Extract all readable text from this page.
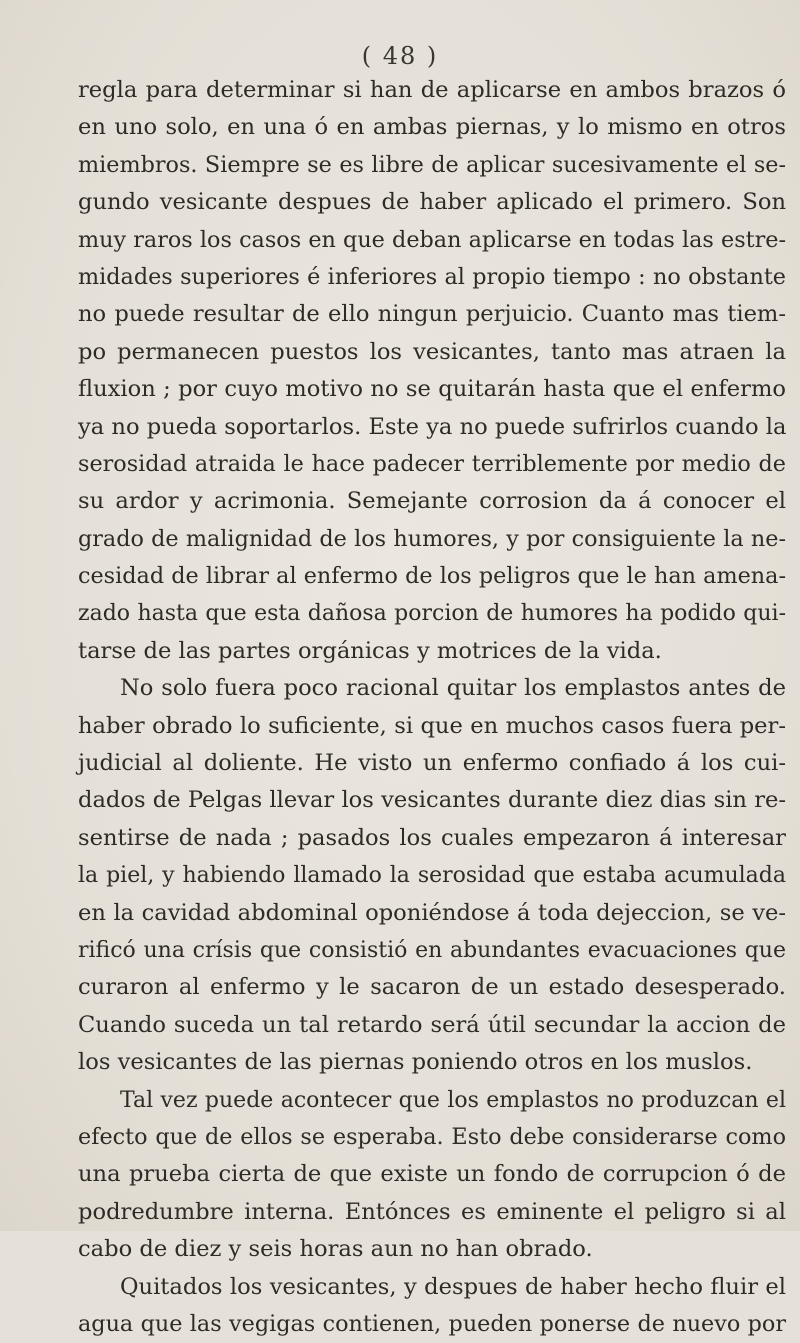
( 48 )
regla para determinar si han de aplicarse en ambos brazos ó
en uno solo, en una ó en ambas piernas, y lo mismo en otros
miembros. Siempre se es libre de aplicar sucesivamente el se-
gundo vesicante despues de haber aplicado el primero. Son
muy raros los casos en que deban aplicarse en todas las estre-
midades superiores é inferiores al propio tiempo : no obstante
no puede resultar de ello ningun perjuicio. Cuanto mas tiem-
po permanecen puestos los vesicantes, tanto mas atraen la
fluxion ; por cuyo motivo no se quitarán hasta que el enfermo
ya no pueda soportarlos. Este ya no puede sufrirlos cuando la
serosidad atraida le hace padecer terriblemente por medio de
su ardor y acrimonia. Semejante corrosion da á conocer el
grado de malignidad de los humores, y por consiguiente la ne-
cesidad de librar al enfermo de los peligros que le han amena-
zado hasta que esta dañosa porcion de humores ha podido qui-
tarse de las partes orgánicas y motrices de la vida.
No solo fuera poco racional quitar los emplastos antes de
haber obrado lo suficiente, si que en muchos casos fuera per-
judicial al doliente. He visto un enfermo confiado á los cui-
dados de Pelgas llevar los vesicantes durante diez dias sin re-
sentirse de nada ; pasados los cuales empezaron á interesar
la piel, y habiendo llamado la serosidad que estaba acumulada
en la cavidad abdominal oponiéndose á toda dejeccion, se ve-
rificó una crísis que consistió en abundantes evacuaciones que
curaron al enfermo y le sacaron de un estado desesperado.
Cuando suceda un tal retardo será útil secundar la accion de
los vesicantes de las piernas poniendo otros en los muslos.
Tal vez puede acontecer que los emplastos no produzcan el
efecto que de ellos se esperaba. Esto debe considerarse como
una prueba cierta de que existe un fondo de corrupcion ó de
podredumbre interna. Entónces es eminente el peligro si al
cabo de diez y seis horas aun no han obrado.
Quitados los vesicantes, y despues de haber hecho fluir el
agua que las vegigas contienen, pueden ponerse de nuevo por
